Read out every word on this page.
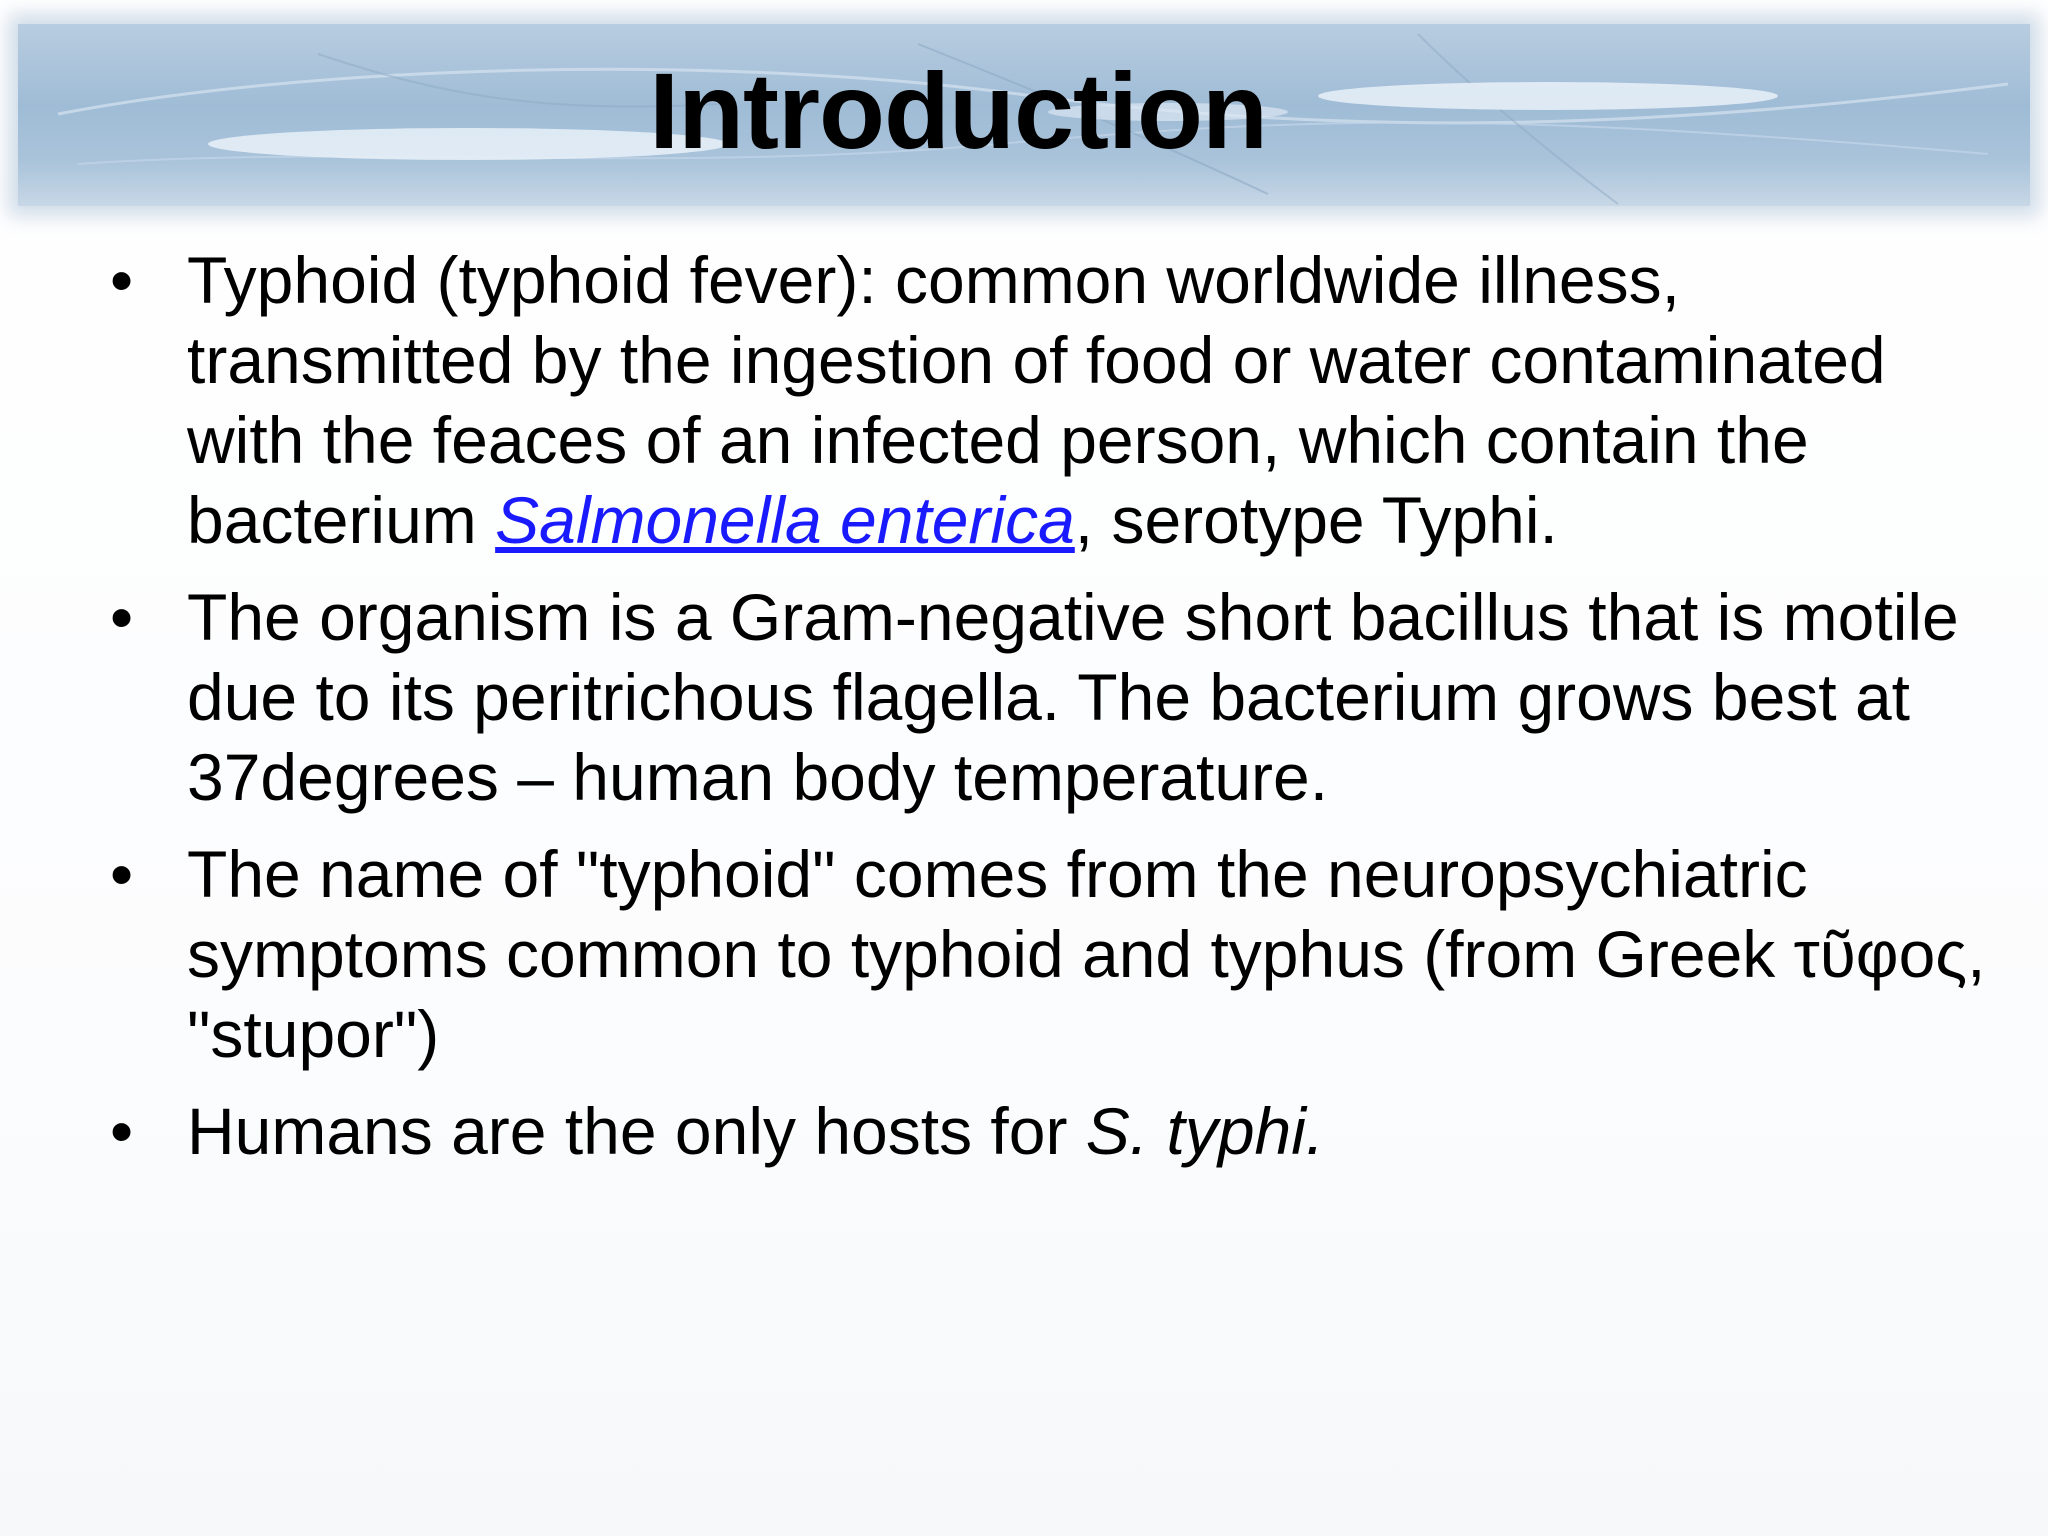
Introduction
• Typhoid (typhoid fever): common worldwide illness, transmitted by the ingestion of food or water contaminated with the feaces of an infected person, which contain the bacterium Salmonella enterica, serotype Typhi.
• The organism is a Gram-negative short bacillus that is motile due to its peritrichous flagella. The bacterium grows best at 37degrees – human body temperature.
• The name of "typhoid" comes from the neuropsychiatric symptoms common to typhoid and typhus (from Greek τῦφος, "stupor")
• Humans are the only hosts for S. typhi.
